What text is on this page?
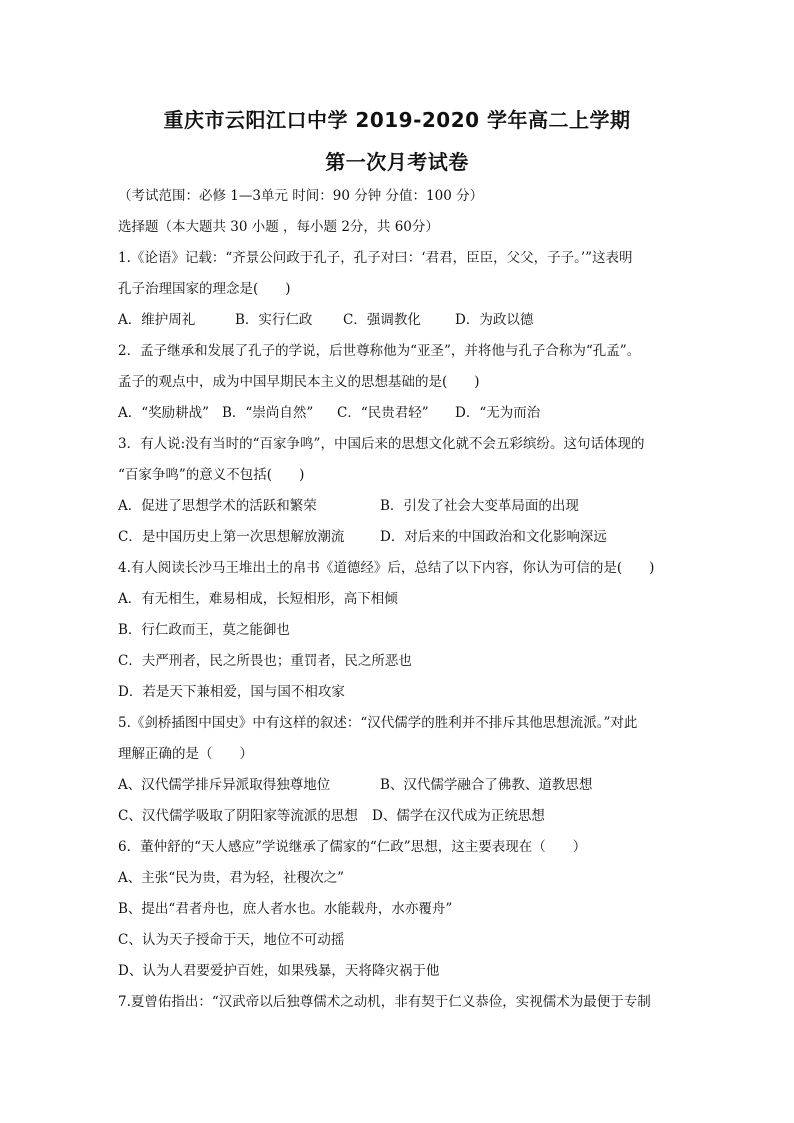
重庆市云阳江口中学 2019-2020 学年高二上学期
第一次月考试卷
（考试范围：必修 1—3单元 时间：90 分钟 分值：100 分）
选择题（本大题共 30 小题 ，每小题 2分，共 60分）
1.《论语》记载：“齐景公问政于孔子，孔子对曰：‘君君，臣臣，父父，子子。’”这表明
孔子治理国家的理念是(　　)
A．维护周礼	B．实行仁政 C．强调教化	D．为政以德
2．孟子继承和发展了孔子的学说，后世尊称他为“亚圣”，并将他与孔子合称为“孔孟”。
孟子的观点中，成为中国早期民本主义的思想基础的是(　　)
A．“奖励耕战” B．“崇尚自然” C．“民贵君轻” D．“无为而治
3．有人说:没有当时的“百家争鸣”，中国后来的思想文化就不会五彩缤纷。这句话体现的
“百家争鸣”的意义不包括(　　)
A．促进了思想学术的活跃和繁荣	B．引发了社会大变革局面的出现
C．是中国历史上第一次思想解放潮流	D．对后来的中国政治和文化影响深远
4.有人阅读长沙马王堆出土的帛书《道德经》后，总结了以下内容，你认为可信的是(　　)
A．有无相生，难易相成，长短相形，高下相倾
B．行仁政而王，莫之能御也
C．夫严刑者，民之所畏也；重罚者，民之所恶也
D．若是天下兼相爱，国与国不相攻家
5.《剑桥插图中国史》中有这样的叙述：“汉代儒学的胜利并不排斥其他思想流派。”对此
理解正确的是（　　）
A、汉代儒学排斥异派取得独尊地位	B、汉代儒学融合了佛教、道教思想
C、汉代儒学吸取了阴阳家等流派的思想 D、儒学在汉代成为正统思想
6．董仲舒的“天人感应”学说继承了儒家的“仁政”思想，这主要表现在（　　）
A、主张“民为贵，君为轻，社稷次之”
B、提出“君者舟也，庶人者水也。水能载舟，水亦覆舟”
C、认为天子授命于天，地位不可动摇
D、认为人君要爱护百姓，如果残暴，天将降灾祸于他
7.夏曾佑指出：“汉武帝以后独尊儒术之动机，非有契于仁义恭俭，实视儒术为最便于专制
